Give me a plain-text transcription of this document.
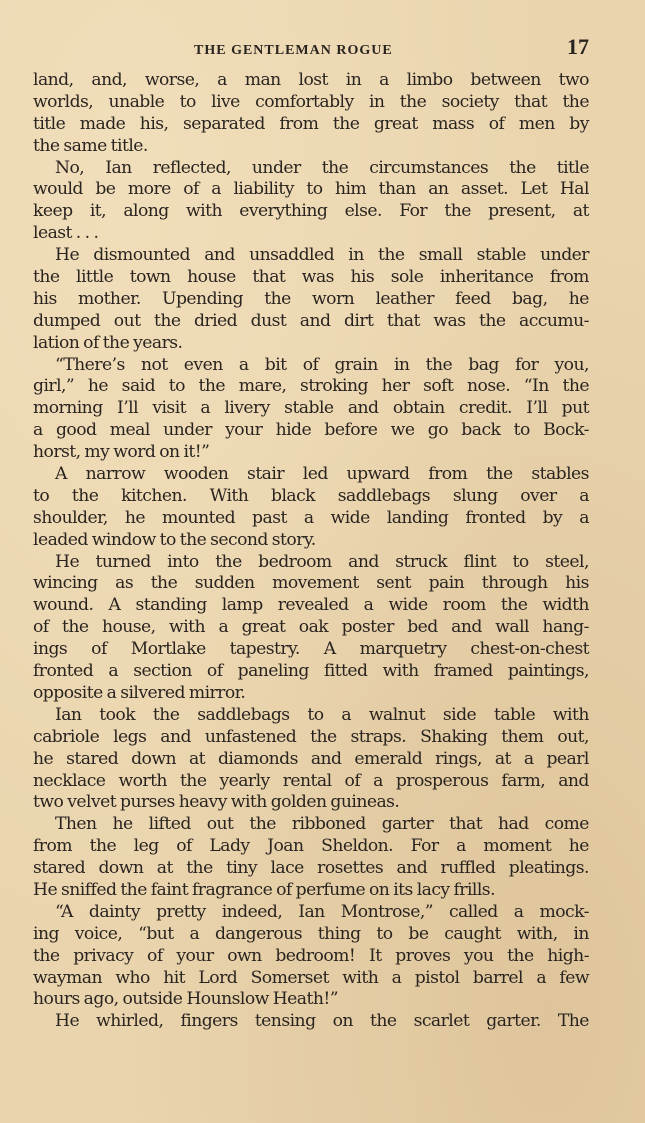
THE GENTLEMAN ROGUE	17
land, and, worse, a man lost in a limbo between two
worlds, unable to live comfortably in the society that the
title made his, separated from the great mass of men by
the same title.
No, Ian reflected, under the circumstances the title
would be more of a liability to him than an asset. Let Hal
keep it, along with everything else. For the present, at
least . . .
He dismounted and unsaddled in the small stable under
the little town house that was his sole inheritance from
his mother. Upending the worn leather feed bag, he
dumped out the dried dust and dirt that was the accumu-
lation of the years.
“There’s not even a bit of grain in the bag for you,
girl,” he said to the mare, stroking her soft nose. “In the
morning I’ll visit a livery stable and obtain credit. I’ll put
a good meal under your hide before we go back to Bock-
horst, my word on it!”
A narrow wooden stair led upward from the stables
to the kitchen. With black saddlebags slung over a
shoulder, he mounted past a wide landing fronted by a
leaded window to the second story.
He turned into the bedroom and struck flint to steel,
wincing as the sudden movement sent pain through his
wound. A standing lamp revealed a wide room the width
of the house, with a great oak poster bed and wall hang-
ings of Mortlake tapestry. A marquetry chest-on-chest
fronted a section of paneling fitted with framed paintings,
opposite a silvered mirror.
Ian took the saddlebags to a walnut side table with
cabriole legs and unfastened the straps. Shaking them out,
he stared down at diamonds and emerald rings, at a pearl
necklace worth the yearly rental of a prosperous farm, and
two velvet purses heavy with golden guineas.
Then he lifted out the ribboned garter that had come
from the leg of Lady Joan Sheldon. For a moment he
stared down at the tiny lace rosettes and ruffled pleatings.
He sniffed the faint fragrance of perfume on its lacy frills.
“A dainty pretty indeed, Ian Montrose,” called a mock-
ing voice, “but a dangerous thing to be caught with, in
the privacy of your own bedroom! It proves you the high-
wayman who hit Lord Somerset with a pistol barrel a few
hours ago, outside Hounslow Heath!”
He whirled, fingers tensing on the scarlet garter. The
